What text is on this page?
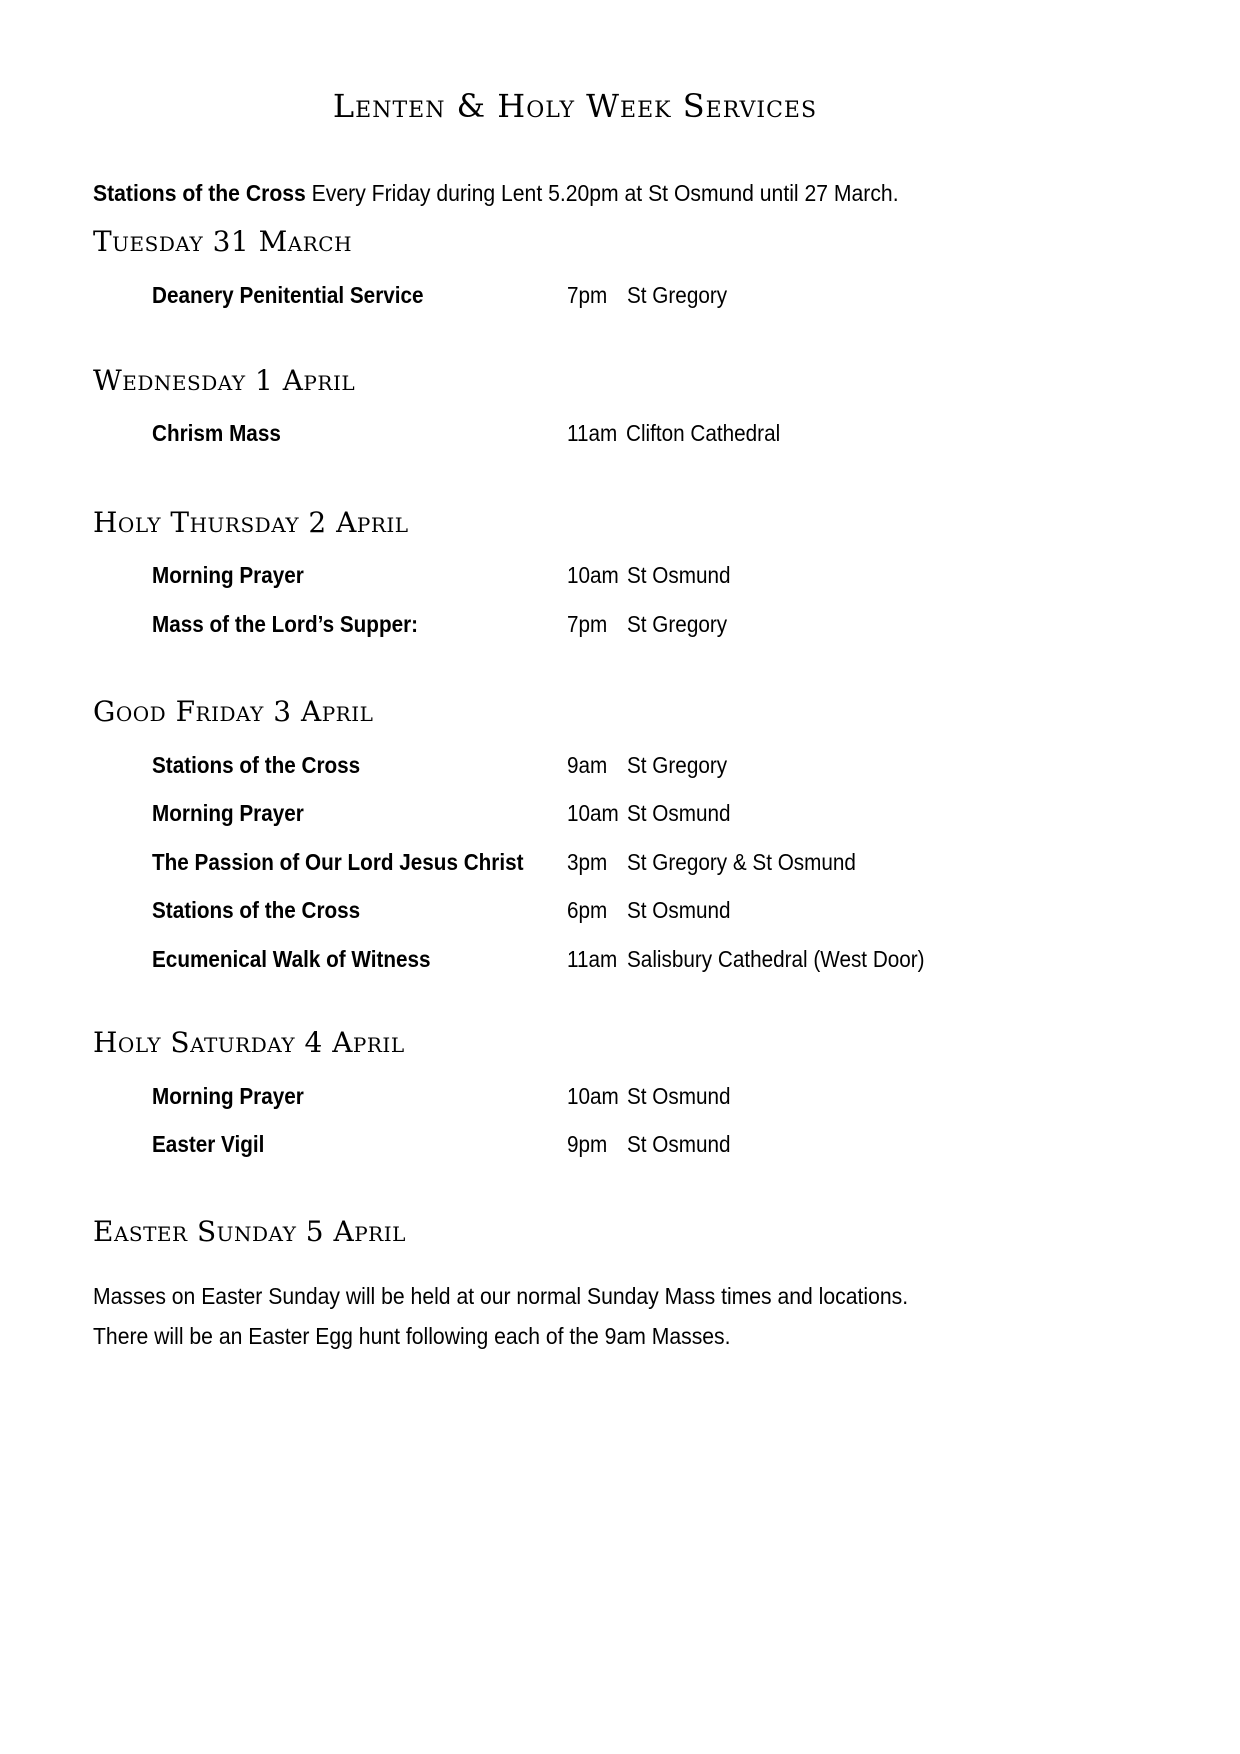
Lenten & Holy Week Services
Stations of the Cross Every Friday during Lent 5.20pm at St Osmund until 27 March.
Tuesday 31 March
Deanery Penitential Service	7pm St Gregory
Wednesday 1 April
Chrism Mass	11am Clifton Cathedral
Holy Thursday 2 April
Morning Prayer	10am St Osmund
Mass of the Lord’s Supper:	7pm St Gregory
Good Friday 3 April
Stations of the Cross	9am St Gregory
Morning Prayer	10am St Osmund
The Passion of Our Lord Jesus Christ 3pm St Gregory & St Osmund
Stations of the Cross	6pm St Osmund
Ecumenical Walk of Witness	11am Salisbury Cathedral (West Door)
Holy Saturday 4 April
Morning Prayer	10am St Osmund
Easter Vigil	9pm St Osmund
Easter Sunday 5 April
Masses on Easter Sunday will be held at our normal Sunday Mass times and locations.
There will be an Easter Egg hunt following each of the 9am Masses.
